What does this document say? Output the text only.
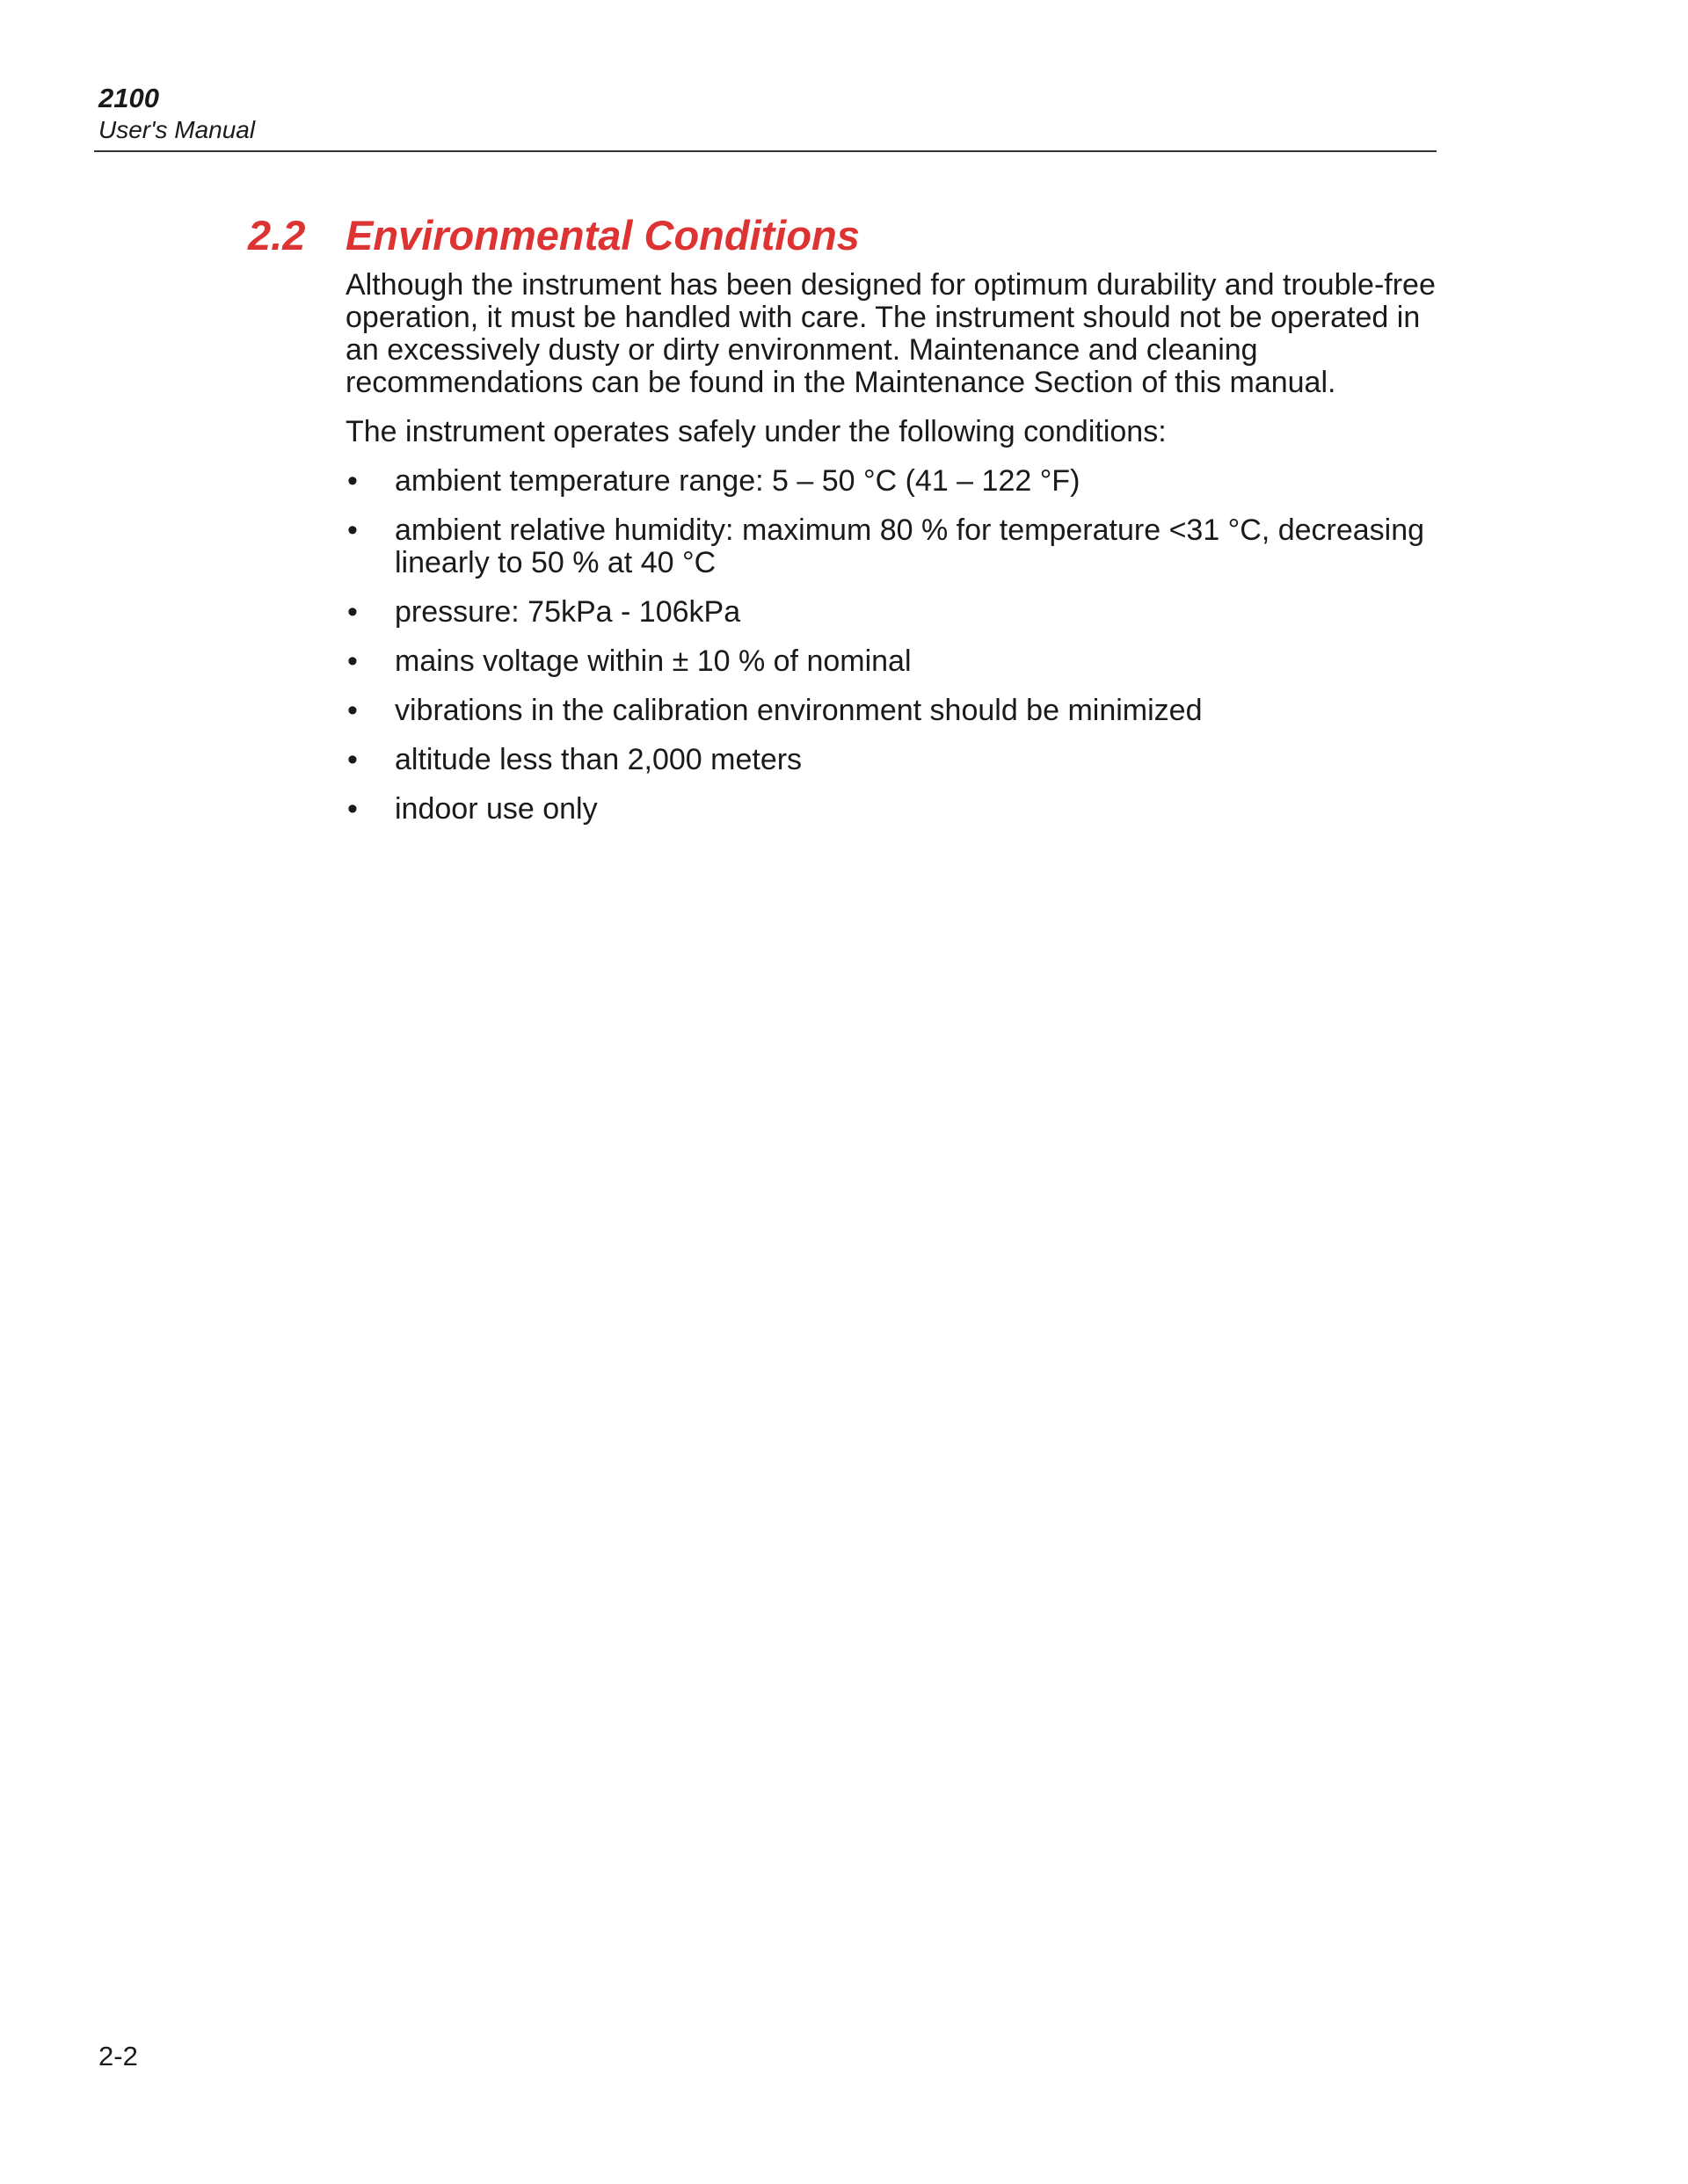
2100
User's Manual
2.2 Environmental Conditions

Although the instrument has been designed for optimum durability and trouble-free operation, it must be handled with care. The instrument should not be operated in an excessively dusty or dirty environment. Maintenance and cleaning recommendations can be found in the Maintenance Section of this manual.

The instrument operates safely under the following conditions:

• ambient temperature range: 5 – 50 °C (41 – 122 °F)
• ambient relative humidity: maximum 80 % for temperature <31 °C, decreasing linearly to 50 % at 40 °C
• pressure: 75kPa - 106kPa
• mains voltage within ± 10 % of nominal
• vibrations in the calibration environment should be minimized
• altitude less than 2,000 meters
• indoor use only
2-2
